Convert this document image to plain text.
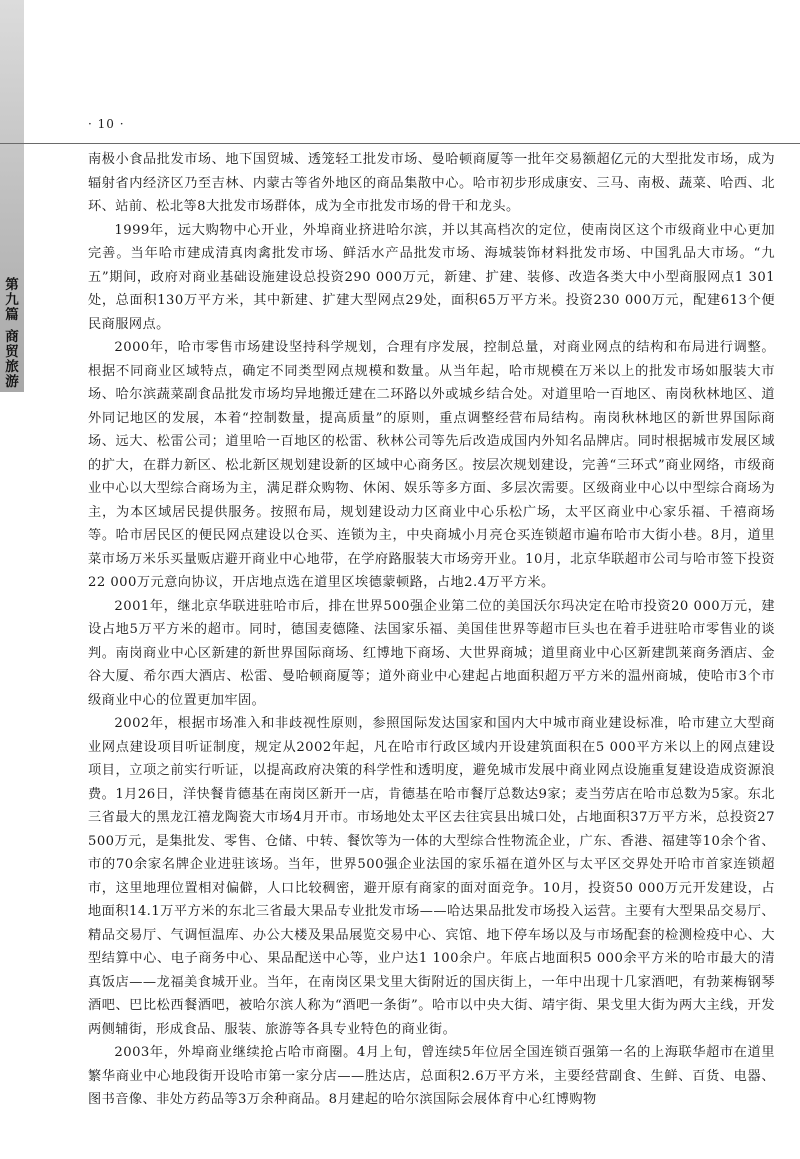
第九篇
商贸旅游
· 10 ·

南极小食品批发市场、地下国贸城、透笼轻工批发市场、曼哈顿商厦等一批年交易额超亿元的大型批发市场，成为辐射省内经济区乃至吉林、内蒙古等省外地区的商品集散中心。哈市初步形成康安、三马、南极、蔬菜、哈西、北环、站前、松北等8大批发市场群体，成为全市批发市场的骨干和龙头。

1999年，远大购物中心开业，外埠商业挤进哈尔滨，并以其高档次的定位，使南岗区这个市级商业中心更加完善。当年哈市建成清真肉禽批发市场、鲜活水产品批发市场、海城装饰材料批发市场、中国乳品大市场。“九五”期间，政府对商业基础设施建设总投资290 000万元，新建、扩建、装修、改造各类大中小型商服网点1 301处，总面积130万平方米，其中新建、扩建大型网点29处，面积65万平方米。投资230 000万元，配建613个便民商服网点。

2000年，哈市零售市场建设坚持科学规划，合理有序发展，控制总量，对商业网点的结构和布局进行调整。根据不同商业区域特点，确定不同类型网点规模和数量。从当年起，哈市规模在万米以上的批发市场如服装大市场、哈尔滨蔬菜副食品批发市场均异地搬迁建在二环路以外或城乡结合处。对道里哈一百地区、南岗秋林地区、道外同记地区的发展，本着“控制数量，提高质量”的原则，重点调整经营布局结构。南岗秋林地区的新世界国际商场、远大、松雷公司；道里哈一百地区的松雷、秋林公司等先后改造成国内外知名品牌店。同时根据城市发展区域的扩大，在群力新区、松北新区规划建设新的区域中心商务区。按层次规划建设，完善“三环式”商业网络，市级商业中心以大型综合商场为主，满足群众购物、休闲、娱乐等多方面、多层次需要。区级商业中心以中型综合商场为主，为本区域居民提供服务。按照布局，规划建设动力区商业中心乐松广场，太平区商业中心家乐福、千禧商场等。哈市居民区的便民网点建设以仓买、连锁为主，中央商城小月亮仓买连锁超市遍布哈市大街小巷。8月，道里菜市场万米乐买量贩店避开商业中心地带，在学府路服装大市场旁开业。10月，北京华联超市公司与哈市签下投资22 000万元意向协议，开店地点选在道里区埃德蒙顿路，占地2.4万平方米。

2001年，继北京华联进驻哈市后，排在世界500强企业第二位的美国沃尔玛决定在哈市投资20 000万元，建设占地5万平方米的超市。同时，德国麦德隆、法国家乐福、美国佳世界等超市巨头也在着手进驻哈市零售业的谈判。南岗商业中心区新建的新世界国际商场、红博地下商场、大世界商城；道里商业中心区新建凯莱商务酒店、金谷大厦、希尔西大酒店、松雷、曼哈顿商厦等；道外商业中心建起占地面积超万平方米的温州商城，使哈市3个市级商业中心的位置更加牢固。

2002年，根据市场准入和非歧视性原则，参照国际发达国家和国内大中城市商业建设标准，哈市建立大型商业网点建设项目听证制度，规定从2002年起，凡在哈市行政区域内开设建筑面积在5 000平方米以上的网点建设项目，立项之前实行听证，以提高政府决策的科学性和透明度，避免城市发展中商业网点设施重复建设造成资源浪费。1月26日，洋快餐肯德基在南岗区新开一店，肯德基在哈市餐厅总数达9家；麦当劳店在哈市总数为5家。东北三省最大的黑龙江禧龙陶瓷大市场4月开市。市场地处太平区去往宾县出城口处，占地面积37万平方米，总投资27 500万元，是集批发、零售、仓储、中转、餐饮等为一体的大型综合性物流企业，广东、香港、福建等10余个省、市的70余家名牌企业进驻该场。当年，世界500强企业法国的家乐福在道外区与太平区交界处开哈市首家连锁超市，这里地理位置相对偏僻，人口比较稠密，避开原有商家的面对面竞争。10月，投资50 000万元开发建设，占地面积14.1万平方米的东北三省最大果品专业批发市场——哈达果品批发市场投入运营。主要有大型果品交易厅、精品交易厅、气调恒温库、办公大楼及果品展览交易中心、宾馆、地下停车场以及与市场配套的检测检疫中心、大型结算中心、电子商务中心、果品配送中心等，业户达1 100余户。年底占地面积5 000余平方米的哈市最大的清真饭店——龙福美食城开业。当年，在南岗区果戈里大街附近的国庆街上，一年中出现十几家酒吧，有勃莱梅钢琴酒吧、巴比松西餐酒吧，被哈尔滨人称为“酒吧一条街”。哈市以中央大街、靖宇街、果戈里大街为两大主线，开发两侧辅街，形成食品、服装、旅游等各具专业特色的商业街。

2003年，外埠商业继续抢占哈市商圈。4月上旬，曾连续5年位居全国连锁百强第一名的上海联华超市在道里繁华商业中心地段街开设哈市第一家分店——胜达店，总面积2.6万平方米，主要经营副食、生鲜、百货、电器、图书音像、非处方药品等3万余种商品。8月建起的哈尔滨国际会展体育中心红博购物
